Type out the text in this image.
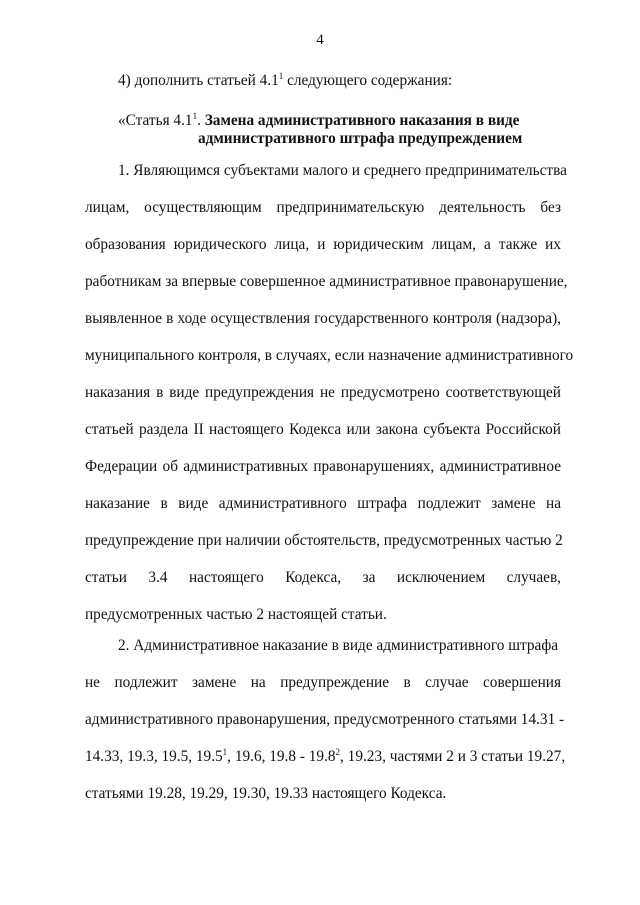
4
4) дополнить статьей $4.1^1$ следующего содержания:
«Статья $4.1^1$. Замена административного наказания в виде
административного штрафа предупреждением
1. Являющимся субъектами малого и среднего предпринимательства
лицам, осуществляющим предпринимательскую деятельность без
образования юридического лица, и юридическим лицам, а также их
работникам за впервые совершенное административное правонарушение,
выявленное в ходе осуществления государственного контроля (надзора),
муниципального контроля, в случаях, если назначение административного
наказания в виде предупреждения не предусмотрено соответствующей
статьей раздела II настоящего Кодекса или закона субъекта Российской
Федерации об административных правонарушениях, административное
наказание в виде административного штрафа подлежит замене на
предупреждение при наличии обстоятельств, предусмотренных частью 2
статьи 3.4 настоящего Кодекса, за исключением случаев,
предусмотренных частью 2 настоящей статьи.
2. Административное наказание в виде административного штрафа
не подлежит замене на предупреждение в случае совершения
административного правонарушения, предусмотренного статьями 14.31 -
14.33, 19.3, 19.5, 19.5$^1$, 19.6, 19.8 - 19.8$^2$, 19.23, частями 2 и 3 статьи 19.27,
статьями 19.28, 19.29, 19.30, 19.33 настоящего Кодекса.
